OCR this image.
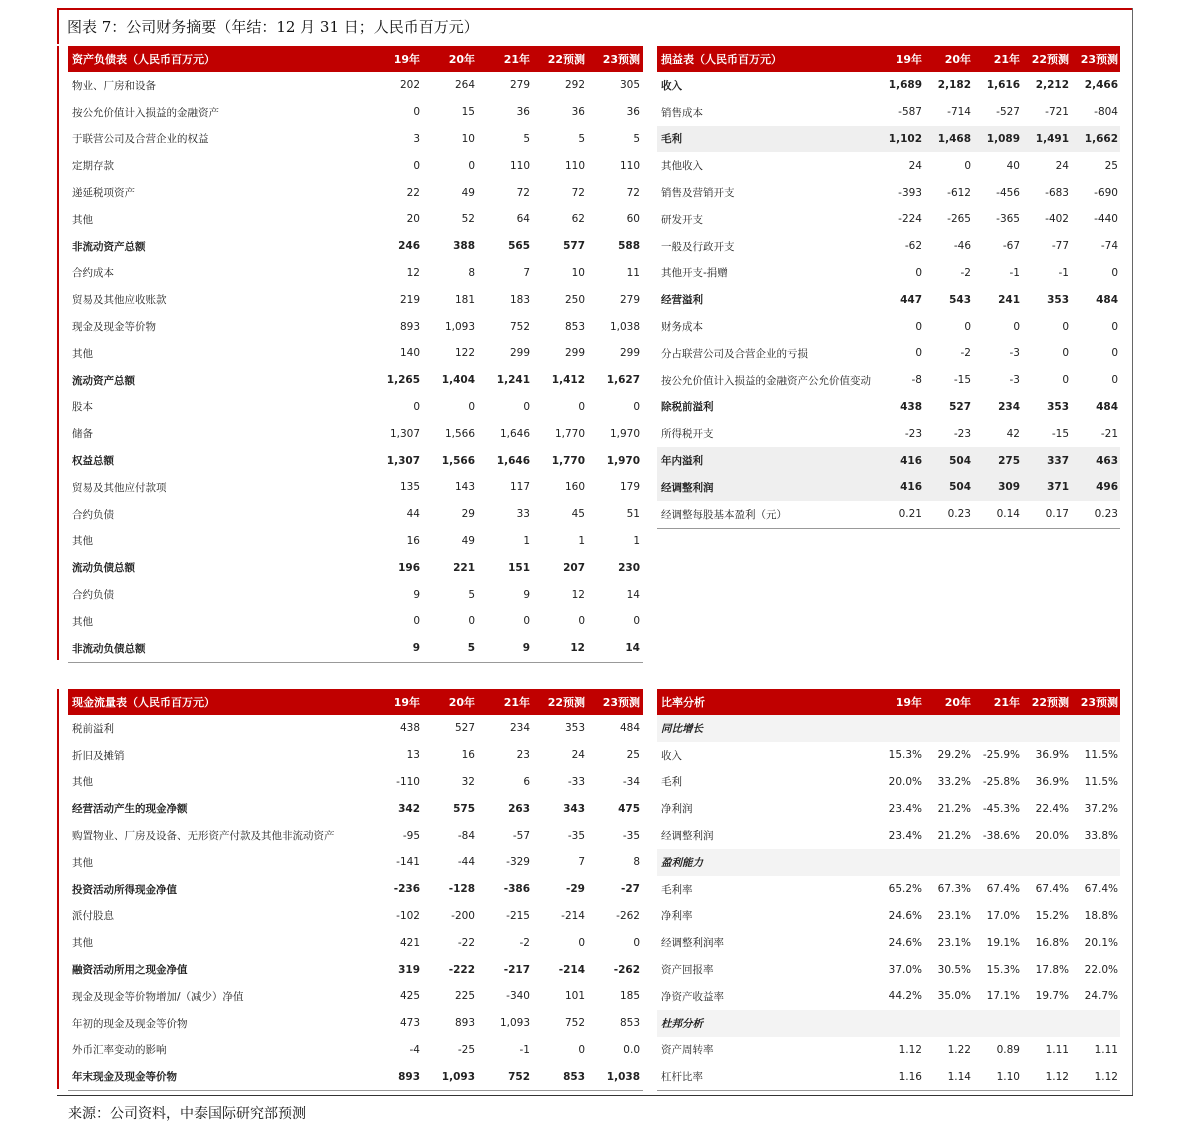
图表 7：公司财务摘要（年结：12 月 31 日；人民币百万元）
资产负债表（人民币百万元）	19年	20年	21年	22预测	23预测
物业、厂房和设备	202	264	279	292	305
按公允价值计入损益的金融资产	0	15	36	36	36
于联营公司及合营企业的权益	3	10	5	5	5
定期存款	0	0	110	110	110
递延税项资产	22	49	72	72	72
其他	20	52	64	62	60
非流动资产总额	246	388	565	577	588
合约成本	12	8	7	10	11
贸易及其他应收账款	219	181	183	250	279
现金及现金等价物	893	1,093	752	853	1,038
其他	140	122	299	299	299
流动资产总额	1,265	1,404	1,241	1,412	1,627
股本	0	0	0	0	0
储备	1,307	1,566	1,646	1,770	1,970
权益总额	1,307	1,566	1,646	1,770	1,970
贸易及其他应付款项	135	143	117	160	179
合约负债	44	29	33	45	51
其他	16	49	1	1	1
流动负债总额	196	221	151	207	230
合约负债	9	5	9	12	14
其他	0	0	0	0	0
非流动负债总额	9	5	9	12	14
损益表（人民币百万元）	19年	20年	21年	22预测	23预测
收入	1,689	2,182	1,616	2,212	2,466
销售成本	-587	-714	-527	-721	-804
毛利	1,102	1,468	1,089	1,491	1,662
其他收入	24	0	40	24	25
销售及营销开支	-393	-612	-456	-683	-690
研发开支	-224	-265	-365	-402	-440
一般及行政开支	-62	-46	-67	-77	-74
其他开支-捐赠	0	-2	-1	-1	0
经营溢利	447	543	241	353	484
财务成本	0	0	0	0	0
分占联营公司及合营企业的亏损	0	-2	-3	0	0
按公允价值计入损益的金融资产公允价值变动	-8	-15	-3	0	0
除税前溢利	438	527	234	353	484
所得税开支	-23	-23	42	-15	-21
年内溢利	416	504	275	337	463
经调整利润	416	504	309	371	496
经调整每股基本盈利（元）	0.21	0.23	0.14	0.17	0.23
现金流量表（人民币百万元）	19年	20年	21年	22预测	23预测
税前溢利	438	527	234	353	484
折旧及摊销	13	16	23	24	25
其他	-110	32	6	-33	-34
经营活动产生的现金净额	342	575	263	343	475
购置物业、厂房及设备、无形资产付款及其他非流动资产	-95	-84	-57	-35	-35
其他	-141	-44	-329	7	8
投资活动所得现金净值	-236	-128	-386	-29	-27
派付股息	-102	-200	-215	-214	-262
其他	421	-22	-2	0	0
融资活动所用之现金净值	319	-222	-217	-214	-262
现金及现金等价物增加/（减少）净值	425	225	-340	101	185
年初的现金及现金等价物	473	893	1,093	752	853
外币汇率变动的影响	-4	-25	-1	0	0.0
年末现金及现金等价物	893	1,093	752	853	1,038
比率分析	19年	20年	21年	22预测	23预测
同比增长
收入	15.3%	29.2%	-25.9%	36.9%	11.5%
毛利	20.0%	33.2%	-25.8%	36.9%	11.5%
净利润	23.4%	21.2%	-45.3%	22.4%	37.2%
经调整利润	23.4%	21.2%	-38.6%	20.0%	33.8%
盈利能力
毛利率	65.2%	67.3%	67.4%	67.4%	67.4%
净利率	24.6%	23.1%	17.0%	15.2%	18.8%
经调整利润率	24.6%	23.1%	19.1%	16.8%	20.1%
资产回报率	37.0%	30.5%	15.3%	17.8%	22.0%
净资产收益率	44.2%	35.0%	17.1%	19.7%	24.7%
杜邦分析
资产周转率	1.12	1.22	0.89	1.11	1.11
杠杆比率	1.16	1.14	1.10	1.12	1.12
来源：公司资料，中泰国际研究部预测
